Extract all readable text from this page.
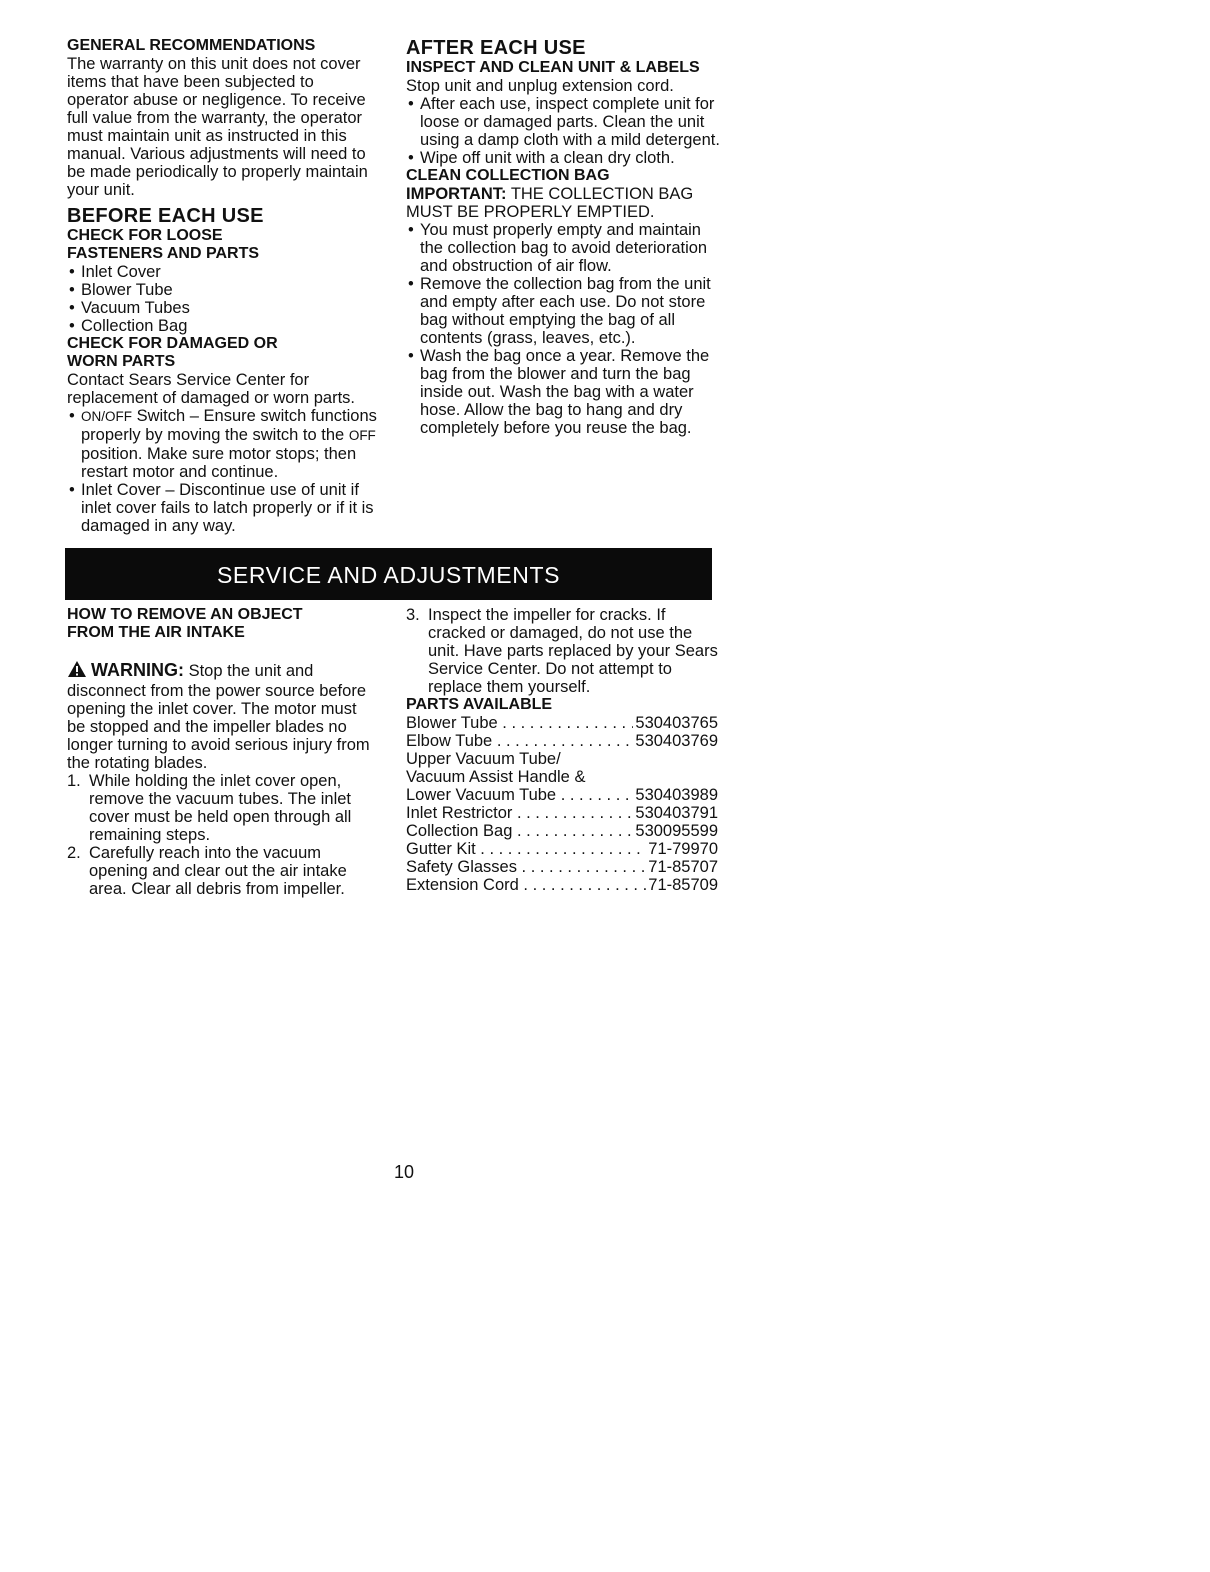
GENERAL RECOMMENDATIONS

The warranty on this unit does not cover items that have been subjected to operator abuse or negligence. To receive full value from the warranty, the operator must maintain unit as instructed in this manual. Various adjustments will need to be made periodically to properly maintain your unit.

BEFORE EACH USE
CHECK FOR LOOSE
FASTENERS AND PARTS
• Inlet Cover
• Blower Tube
• Vacuum Tubes
• Collection Bag
CHECK FOR DAMAGED OR
WORN PARTS

Contact Sears Service Center for replacement of damaged or worn parts.

• ON/OFF Switch – Ensure switch functions properly by moving the switch to the OFF position. Make sure motor stops; then restart motor and continue.
• Inlet Cover – Discontinue use of unit if inlet cover fails to latch properly or if it is damaged in any way.
AFTER EACH USE
INSPECT AND CLEAN UNIT & LABELS

Stop unit and unplug extension cord.

• After each use, inspect complete unit for loose or damaged parts. Clean the unit using a damp cloth with a mild detergent.
• Wipe off unit with a clean dry cloth.
CLEAN COLLECTION BAG

IMPORTANT: THE COLLECTION BAG MUST BE PROPERLY EMPTIED.

• You must properly empty and maintain the collection bag to avoid deterioration and obstruction of air flow.
• Remove the collection bag from the unit and empty after each use. Do not store bag without emptying the bag of all contents (grass, leaves, etc.).
• Wash the bag once a year. Remove the bag from the blower and turn the bag inside out. Wash the bag with a water hose. Allow the bag to hang and dry completely before you reuse the bag.
SERVICE AND ADJUSTMENTS
HOW TO REMOVE AN OBJECT
FROM THE AIR INTAKE

WARNING: Stop the unit and disconnect from the power source before opening the inlet cover. The motor must be stopped and the impeller blades no longer turning to avoid serious injury from the rotating blades.

1. While holding the inlet cover open, remove the vacuum tubes. The inlet cover must be held open through all remaining steps.
2. Carefully reach into the vacuum opening and clear out the air intake area. Clear all debris from impeller.
3. Inspect the impeller for cracks. If cracked or damaged, do not use the unit. Have parts replaced by your Sears Service Center. Do not attempt to replace them yourself.
PARTS AVAILABLE
Blower Tube . . .	530403765
Elbow Tube . . .	530403769
Upper Vacuum Tube/
Vacuum Assist Handle &
Lower Vacuum Tube . . .	530403989
Inlet Restrictor . . .	530403791
Collection Bag . . .	530095599
Gutter Kit . . .	71-79970
Safety Glasses . . .	71-85707
Extension Cord . . .	71-85709
10
